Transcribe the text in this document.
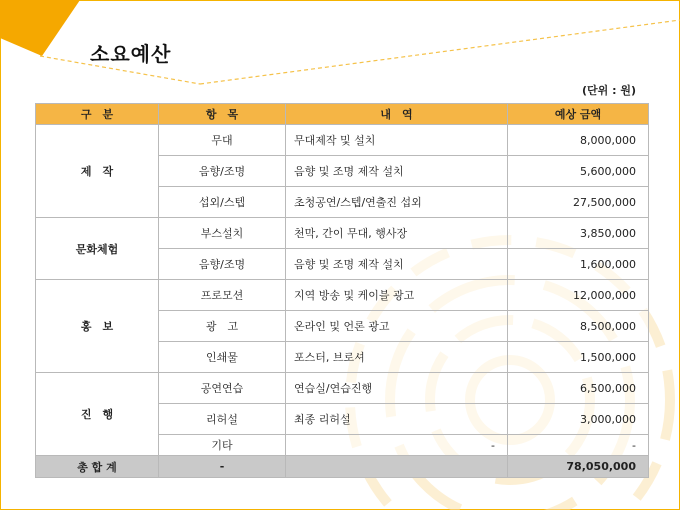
소요예산
(단위 : 원)
구　분	항　목	내　역	예상 금액
제　작	무대	무대제작 및 설치	8,000,000
	음향/조명	음향 및 조명 제작 설치	5,600,000
	섭외/스텝	초청공연/스텝/연출진 섭외	27,500,000
문화체험	부스설치	천막, 간이 무대, 행사장	3,850,000
	음향/조명	음향 및 조명 제작 설치	1,600,000
홍　보	프로모션	지역 방송 및 케이블 광고	12,000,000
	광　고	온라인 및 언론 광고	8,500,000
	인쇄물	포스터, 브로셔	1,500,000
진　행	공연연습	연습실/연습진행	6,500,000
	리허설	최종 리허설	3,000,000
	기타	-	-
총 합 계	-		78,050,000
